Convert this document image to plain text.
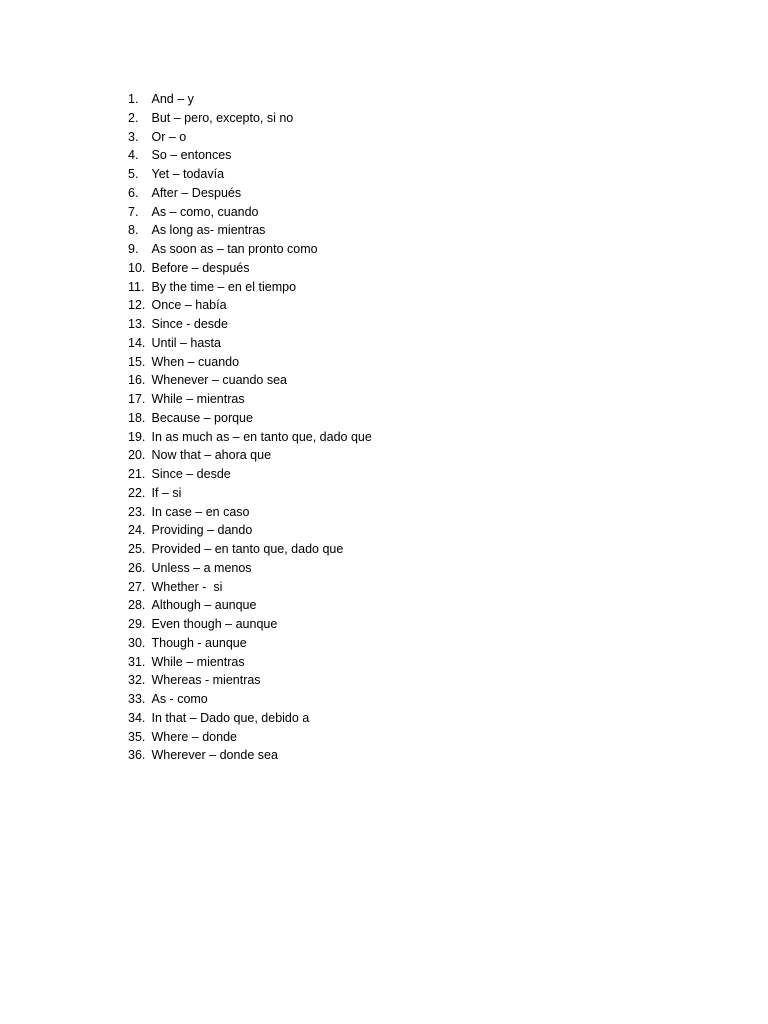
1.	And – y
2.	But – pero, excepto, si no
3.	Or – o
4.	So – entonces
5.	Yet – todavía
6.	After – Después
7.	As – como, cuando
8.	As long as- mientras
9.	As soon as – tan pronto como
10. Before – después
11. By the time – en el tiempo
12. Once – había
13. Since - desde
14. Until – hasta
15. When – cuando
16. Whenever – cuando sea
17. While – mientras
18. Because – porque
19. In as much as – en tanto que, dado que
20. Now that – ahora que
21. Since – desde
22. If – si
23. In case – en caso
24. Providing – dando
25. Provided – en tanto que, dado que
26. Unless – a menos
27. Whether -  si
28. Although – aunque
29. Even though – aunque
30. Though - aunque
31. While – mientras
32. Whereas - mientras
33. As - como
34. In that – Dado que, debido a
35. Where – donde
36. Wherever – donde sea
